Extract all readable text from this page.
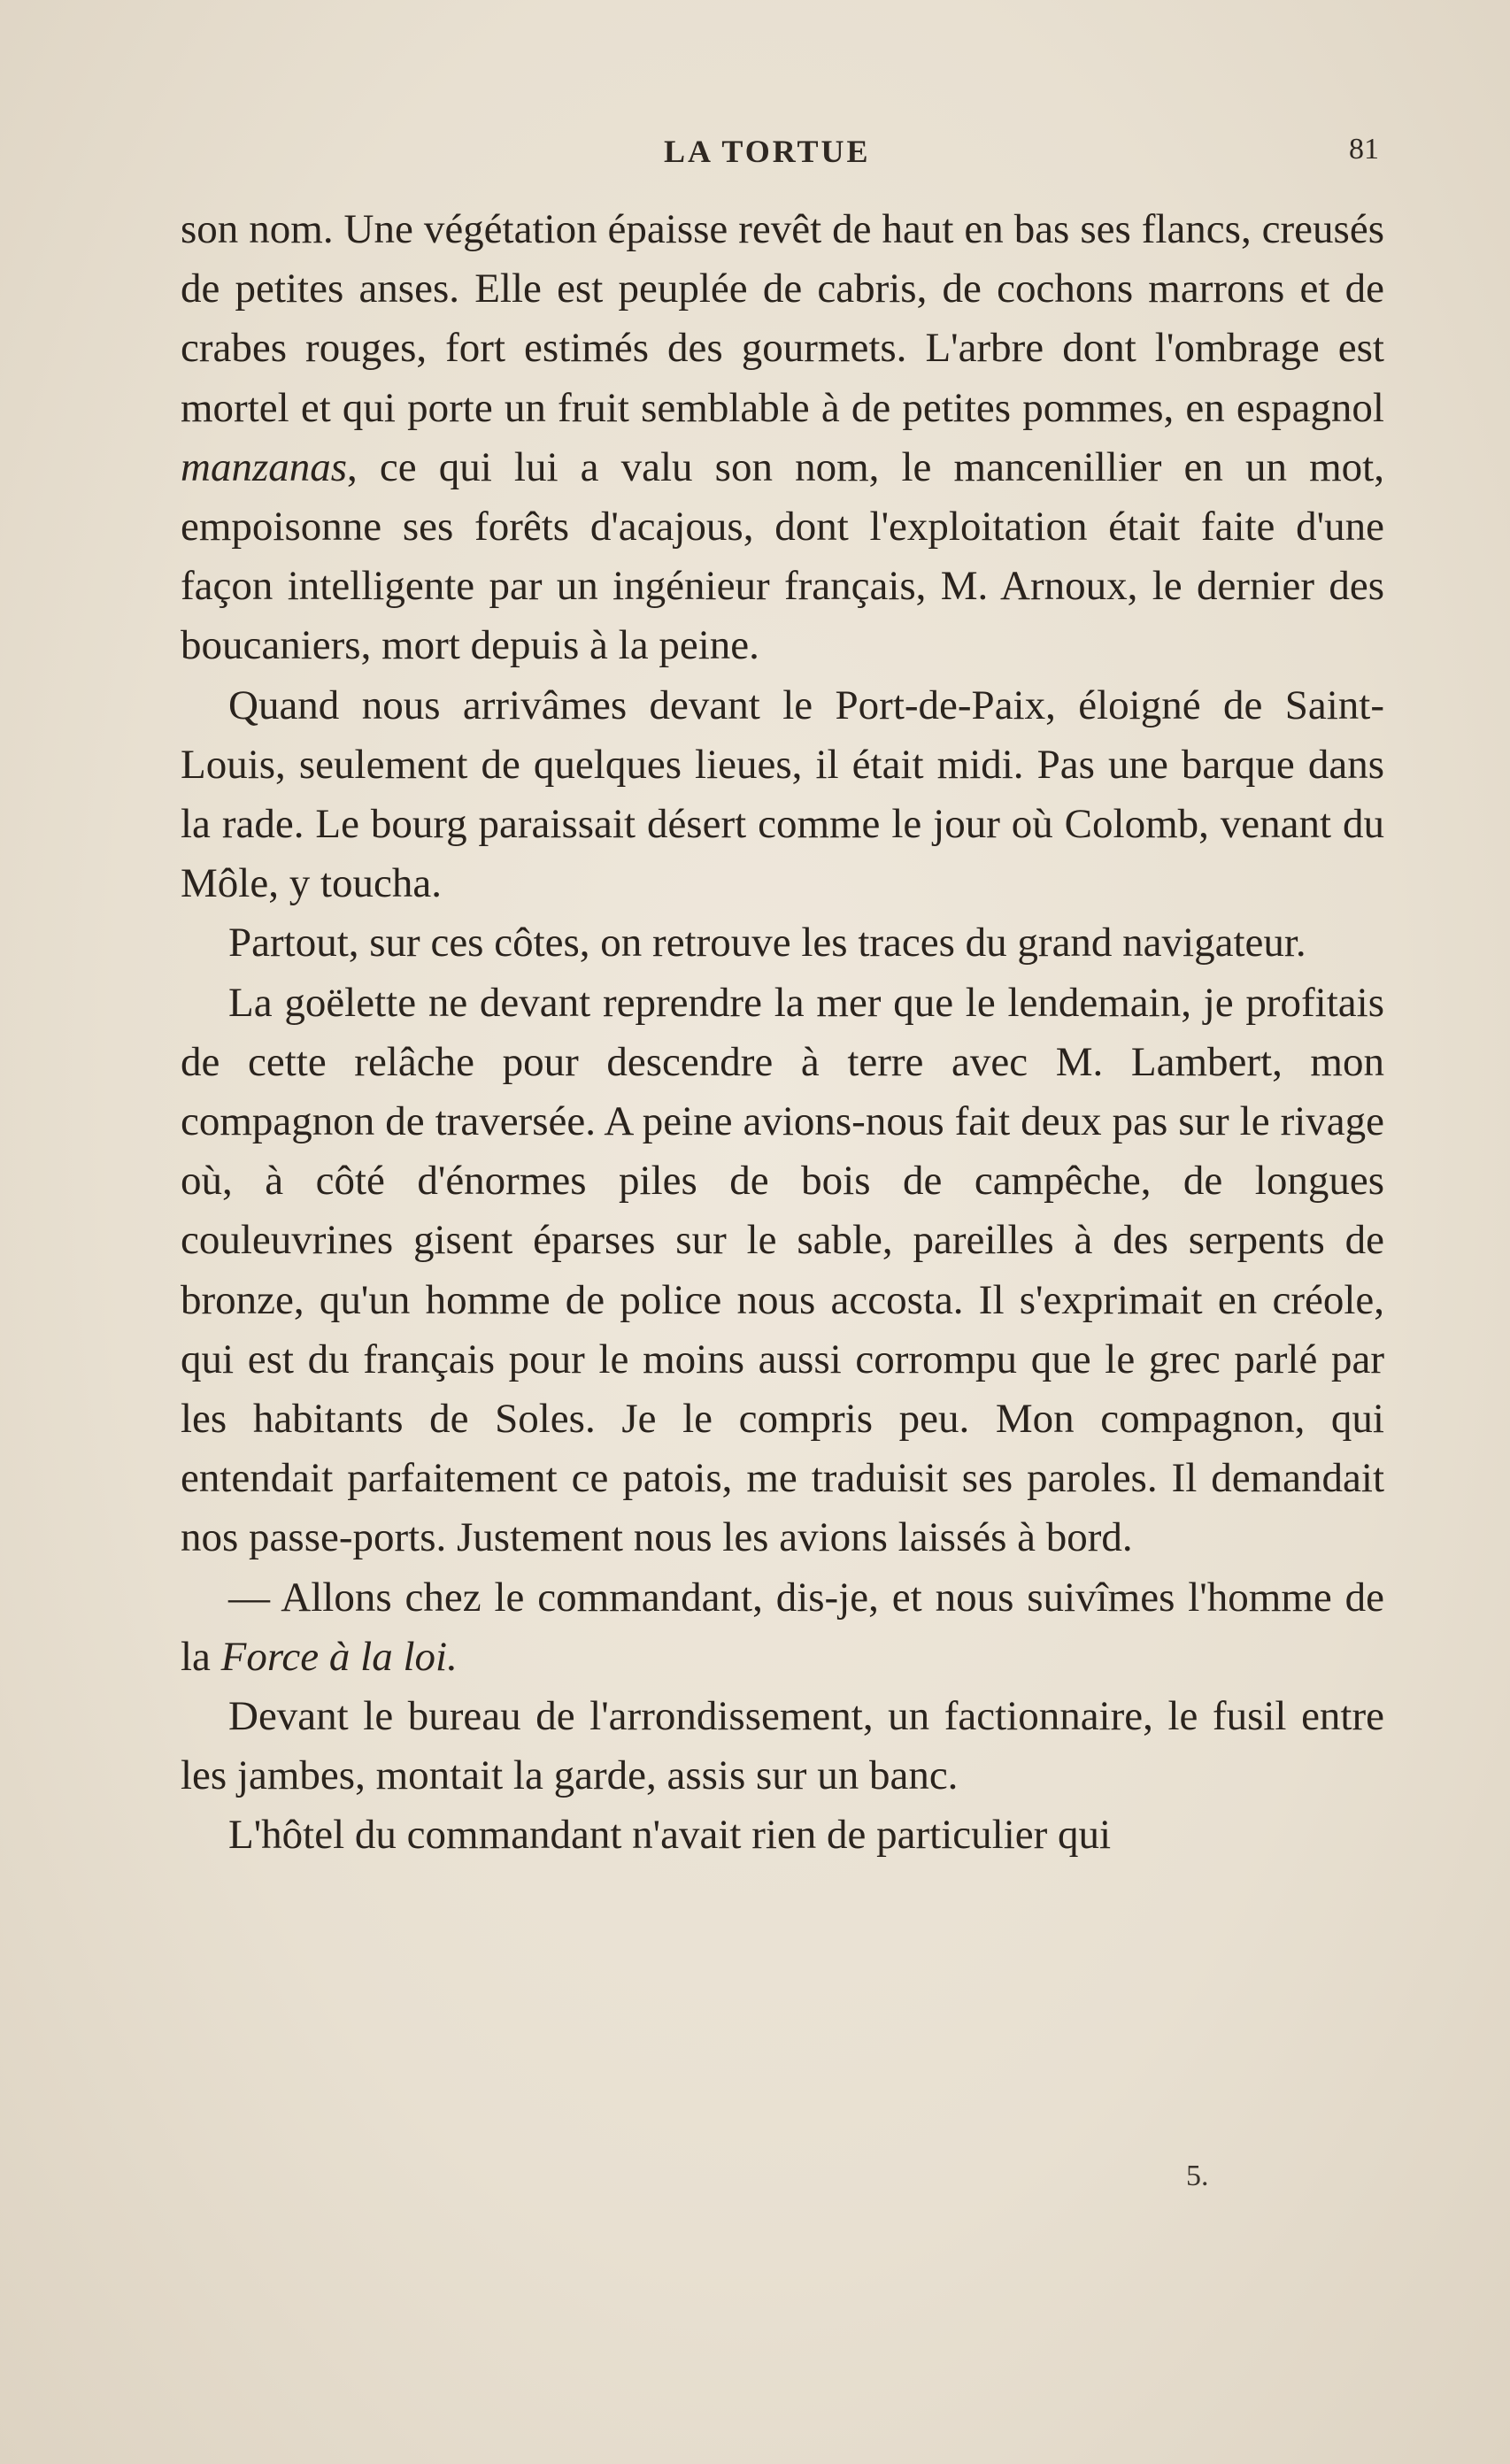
LA TORTUE	81

son nom. Une végétation épaisse revêt de haut en bas ses flancs, creusés de petites anses. Elle est peuplée de cabris, de cochons marrons et de crabes rouges, fort estimés des gourmets. L'arbre dont l'ombrage est mortel et qui porte un fruit semblable à de petites pommes, en espagnol manzanas, ce qui lui a valu son nom, le mancenillier en un mot, empoisonne ses forêts d'acajous, dont l'exploitation était faite d'une façon intelligente par un ingénieur français, M. Arnoux, le dernier des boucaniers, mort depuis à la peine.

Quand nous arrivâmes devant le Port-de-Paix, éloigné de Saint-Louis, seulement de quelques lieues, il était midi. Pas une barque dans la rade. Le bourg paraissait désert comme le jour où Colomb, venant du Môle, y toucha.

Partout, sur ces côtes, on retrouve les traces du grand navigateur.

La goëlette ne devant reprendre la mer que le lendemain, je profitais de cette relâche pour descendre à terre avec M. Lambert, mon compagnon de traversée. A peine avions-nous fait deux pas sur le rivage où, à côté d'énormes piles de bois de campêche, de longues couleuvrines gisent éparses sur le sable, pareilles à des serpents de bronze, qu'un homme de police nous accosta. Il s'exprimait en créole, qui est du français pour le moins aussi corrompu que le grec parlé par les habitants de Soles. Je le compris peu. Mon compagnon, qui entendait parfaitement ce patois, me traduisit ses paroles. Il demandait nos passe-ports. Justement nous les avions laissés à bord.

— Allons chez le commandant, dis-je, et nous suivîmes l'homme de la Force à la loi.

Devant le bureau de l'arrondissement, un factionnaire, le fusil entre les jambes, montait la garde, assis sur un banc.

L'hôtel du commandant n'avait rien de particulier qui

5.
